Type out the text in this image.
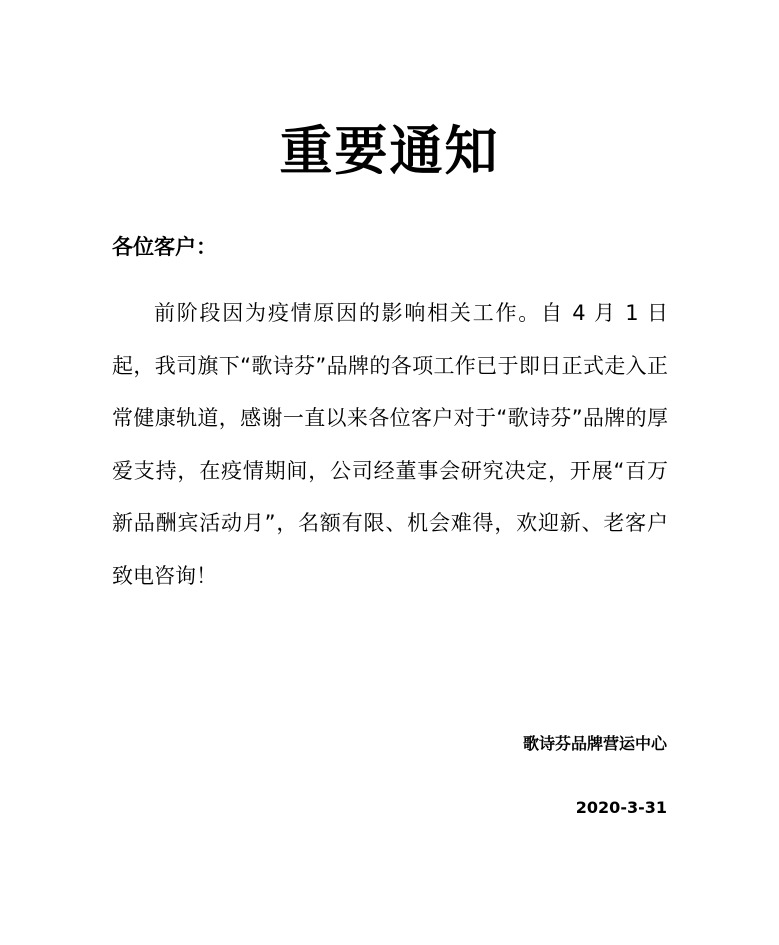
重要通知

各位客户：

前阶段因为疫情原因的影响相关工作。自 4 月 1 日起，我司旗下“歌诗芬”品牌的各项工作已于即日正式走入正常健康轨道，感谢一直以来各位客户对于“歌诗芬”品牌的厚爱支持，在疫情期间，公司经董事会研究决定，开展“百万新品酬宾活动月”，名额有限、机会难得，欢迎新、老客户致电咨询！

歌诗芬品牌营运中心

2020-3-31
